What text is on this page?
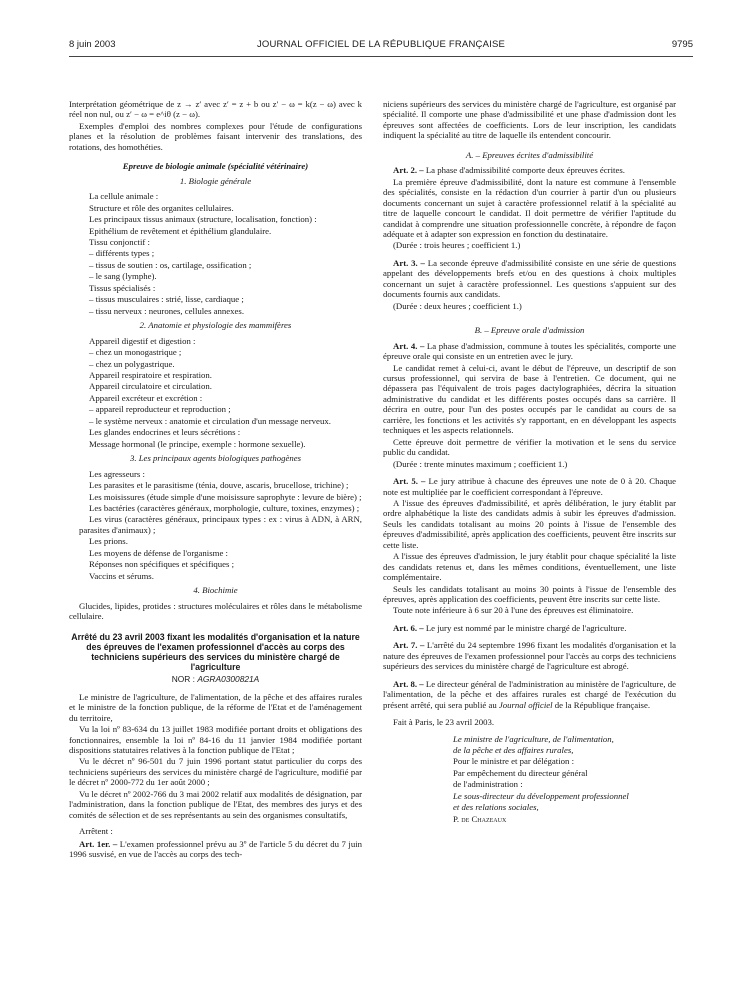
8 juin 2003	JOURNAL OFFICIEL DE LA RÉPUBLIQUE FRANÇAISE	9795

Interprétation géométrique de z → z′ avec z′ = z + b ou z′ − ω = k(z − ω) avec k réel non nul, ou z′ − ω = e^iθ (z − ω).

Exemples d'emploi des nombres complexes pour l'étude de configurations planes et la résolution de problèmes faisant intervenir des translations, des rotations, des homothéties.

Epreuve de biologie animale (spécialité vétérinaire)
1. Biologie générale

La cellule animale :

Structure et rôle des organites cellulaires.

Les principaux tissus animaux (structure, localisation, fonction) :

Epithélium de revêtement et épithélium glandulaire.

Tissu conjonctif :

– différents types ;

– tissus de soutien : os, cartilage, ossification ;

– le sang (lymphe).

Tissus spécialisés :

– tissus musculaires : strié, lisse, cardiaque ;

– tissu nerveux : neurones, cellules annexes.

2. Anatomie et physiologie des mammifères

Appareil digestif et digestion :

– chez un monogastrique ;

– chez un polygastrique.

Appareil respiratoire et respiration.

Appareil circulatoire et circulation.

Appareil excréteur et excrétion :

– appareil reproducteur et reproduction ;

– le système nerveux : anatomie et circulation d'un message nerveux.

Les glandes endocrines et leurs sécrétions :

Message hormonal (le principe, exemple : hormone sexuelle).

3. Les principaux agents biologiques pathogènes

Les agresseurs :

Les parasites et le parasitisme (ténia, douve, ascaris, brucellose, trichine) ;

Les moisissures (étude simple d'une moisissure saprophyte : levure de bière) ;

Les bactéries (caractères généraux, morphologie, culture, toxines, enzymes) ;

Les virus (caractères généraux, principaux types : ex : virus à ADN, à ARN, parasites d'animaux) ;

Les prions.

Les moyens de défense de l'organisme :

Réponses non spécifiques et spécifiques ;

Vaccins et sérums.

4. Biochimie

Glucides, lipides, protides : structures moléculaires et rôles dans le métabolisme cellulaire.

Arrêté du 23 avril 2003 fixant les modalités d'organisation et la nature des épreuves de l'examen professionnel d'accès au corps des techniciens supérieurs des services du ministère chargé de l'agriculture
NOR : AGRA0300821A

Le ministre de l'agriculture, de l'alimentation, de la pêche et des affaires rurales et le ministre de la fonction publique, de la réforme de l'Etat et de l'aménagement du territoire,

Vu la loi nº 83-634 du 13 juillet 1983 modifiée portant droits et obligations des fonctionnaires, ensemble la loi nº 84-16 du 11 janvier 1984 modifiée portant dispositions statutaires relatives à la fonction publique de l'Etat ;

Vu le décret nº 96-501 du 7 juin 1996 portant statut particulier du corps des techniciens supérieurs des services du ministère chargé de l'agriculture, modifié par le décret nº 2000-772 du 1er août 2000 ;

Vu le décret nº 2002-766 du 3 mai 2002 relatif aux modalités de désignation, par l'administration, dans la fonction publique de l'Etat, des membres des jurys et des comités de sélection et de ses représentants au sein des organismes consultatifs,

Arrêtent :

Art. 1er. – L'examen professionnel prévu au 3º de l'article 5 du décret du 7 juin 1996 susvisé, en vue de l'accès au corps des tech-

niciens supérieurs des services du ministère chargé de l'agriculture, est organisé par spécialité. Il comporte une phase d'admissibilité et une phase d'admission dont les épreuves sont affectées de coefficients. Lors de leur inscription, les candidats indiquent la spécialité au titre de laquelle ils entendent concourir.

A. – Epreuves écrites d'admissibilité

Art. 2. – La phase d'admissibilité comporte deux épreuves écrites.

La première épreuve d'admissibilité, dont la nature est commune à l'ensemble des spécialités, consiste en la rédaction d'un courrier à partir d'un ou plusieurs documents concernant un sujet à caractère professionnel relatif à la spécialité au titre de laquelle concourt le candidat. Il doit permettre de vérifier l'aptitude du candidat à comprendre une situation professionnelle concrète, à répondre de façon adéquate et à adapter son expression en fonction du destinataire.

(Durée : trois heures ; coefficient 1.)

Art. 3. – La seconde épreuve d'admissibilité consiste en une série de questions appelant des développements brefs et/ou en des questions à choix multiples concernant un sujet à caractère professionnel. Les questions s'appuient sur des documents fournis aux candidats.

(Durée : deux heures ; coefficient 1.)

B. – Epreuve orale d'admission

Art. 4. – La phase d'admission, commune à toutes les spécialités, comporte une épreuve orale qui consiste en un entretien avec le jury.

Le candidat remet à celui-ci, avant le début de l'épreuve, un descriptif de son cursus professionnel, qui servira de base à l'entretien. Ce document, qui ne dépassera pas l'équivalent de trois pages dactylographiées, décrira la situation administrative du candidat et les différents postes occupés dans sa carrière. Il décrira en outre, pour l'un des postes occupés par le candidat au cours de sa carrière, les fonctions et les activités s'y rapportant, en en développant les aspects techniques et les aspects relationnels.

Cette épreuve doit permettre de vérifier la motivation et le sens du service public du candidat.

(Durée : trente minutes maximum ; coefficient 1.)

Art. 5. – Le jury attribue à chacune des épreuves une note de 0 à 20. Chaque note est multipliée par le coefficient correspondant à l'épreuve.

A l'issue des épreuves d'admissibilité, et après délibération, le jury établit par ordre alphabétique la liste des candidats admis à subir les épreuves d'admission. Seuls les candidats totalisant au moins 20 points à l'issue de l'ensemble des épreuves d'admissibilité, après application des coefficients, peuvent être inscrits sur cette liste.

A l'issue des épreuves d'admission, le jury établit pour chaque spécialité la liste des candidats retenus et, dans les mêmes conditions, éventuellement, une liste complémentaire.

Seuls les candidats totalisant au moins 30 points à l'issue de l'ensemble des épreuves, après application des coefficients, peuvent être inscrits sur cette liste.

Toute note inférieure à 6 sur 20 à l'une des épreuves est éliminatoire.

Art. 6. – Le jury est nommé par le ministre chargé de l'agriculture.

Art. 7. – L'arrêté du 24 septembre 1996 fixant les modalités d'organisation et la nature des épreuves de l'examen professionnel pour l'accès au corps des techniciens supérieurs des services du ministère chargé de l'agriculture est abrogé.

Art. 8. – Le directeur général de l'administration au ministère de l'agriculture, de l'alimentation, de la pêche et des affaires rurales est chargé de l'exécution du présent arrêté, qui sera publié au Journal officiel de la République française.

Fait à Paris, le 23 avril 2003.

Le ministre de l'agriculture, de l'alimentation,

de la pêche et des affaires rurales,

Pour le ministre et par délégation :

Par empêchement du directeur général

de l'administration :

Le sous-directeur du développement professionnel

et des relations sociales,

P. de Chazeaux
